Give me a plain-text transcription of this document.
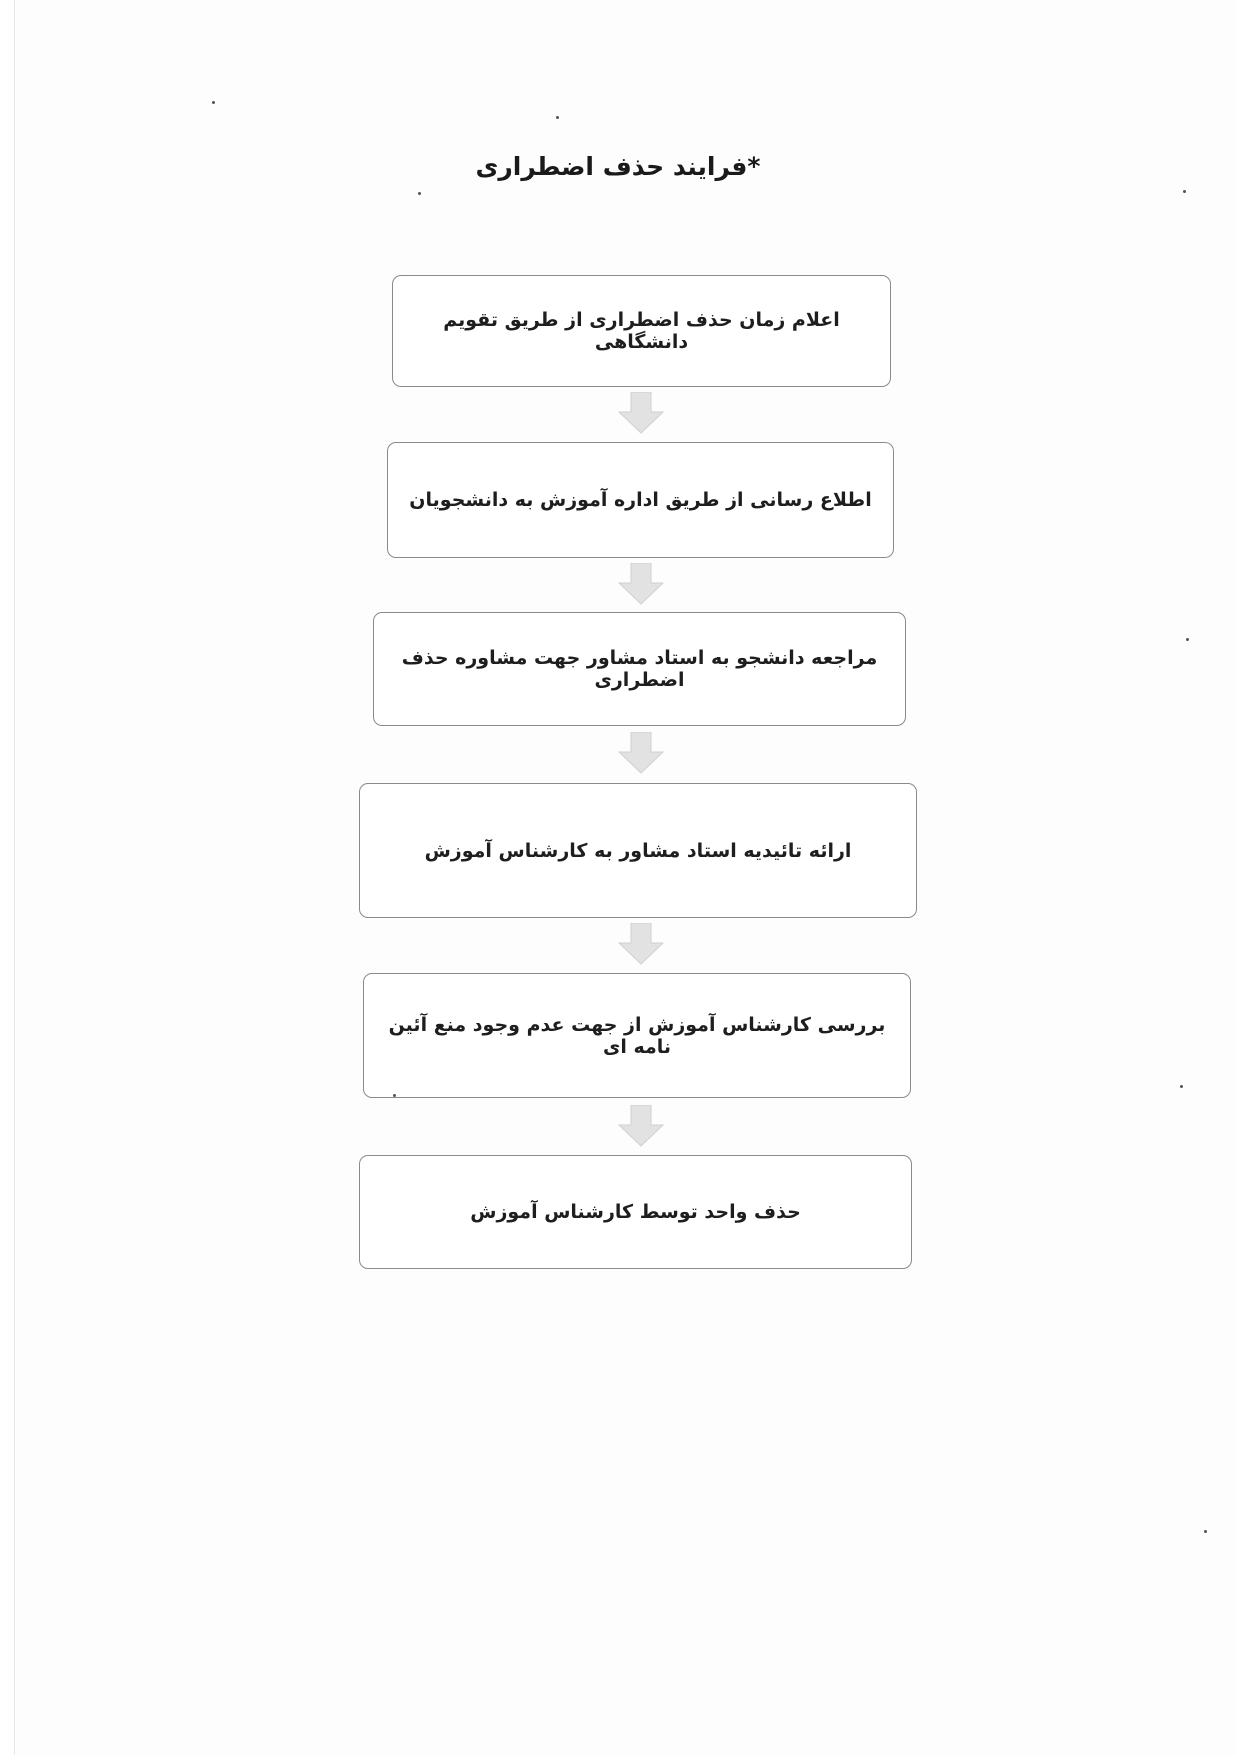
*فرایند حذف اضطراری
اعلام زمان حذف اضطراری از طریق تقویم دانشگاهی
اطلاع رسانی از طریق اداره آموزش به دانشجویان
مراجعه دانشجو به استاد مشاور جهت مشاوره حذف اضطراری
ارائه تائیدیه استاد مشاور به کارشناس آموزش
بررسی کارشناس آموزش از جهت عدم وجود منع آئین نامه ای
حذف واحد توسط کارشناس آموزش
